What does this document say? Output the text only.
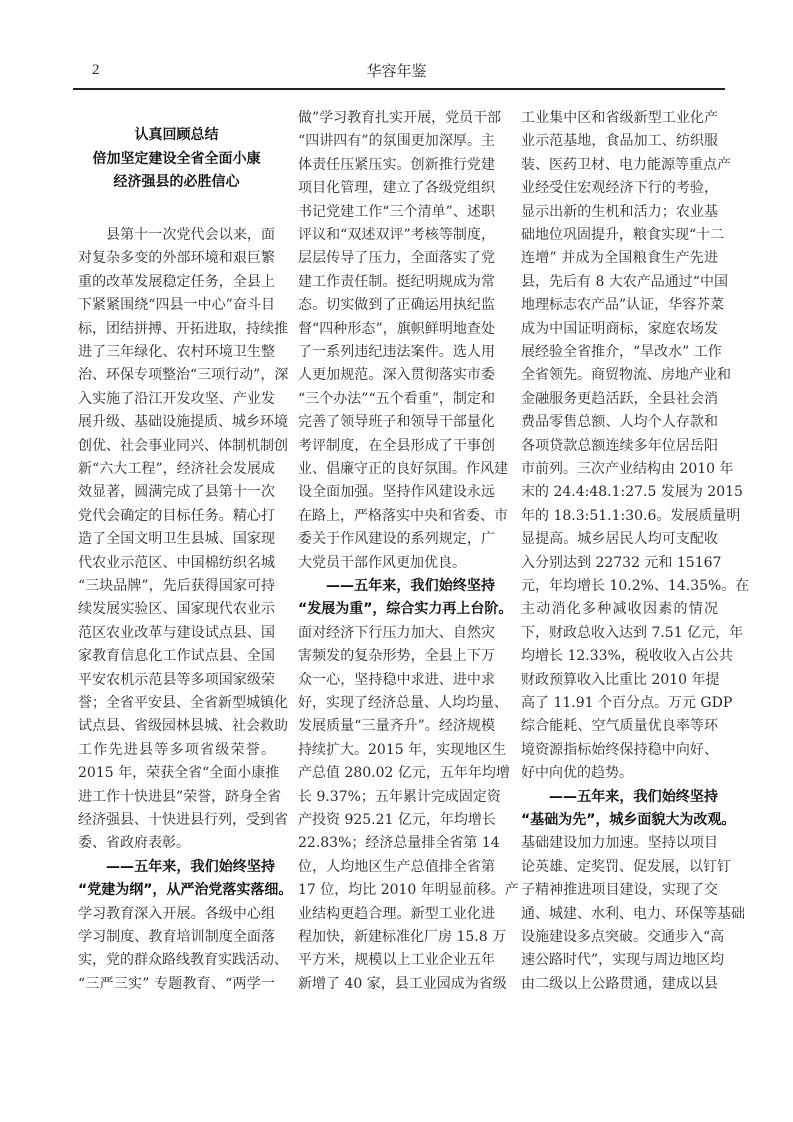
2	华容年鉴
认真回顾总结
倍加坚定建设全省全面小康
经济强县的必胜信心
县第十一次党代会以来，面
对复杂多变的外部环境和艰巨繁
重的改革发展稳定任务，全县上
下紧紧围绕“四县一中心”奋斗目
标，团结拼搏、开拓进取，持续推
进了三年绿化、农村环境卫生整
治、环保专项整治“三项行动”，深
入实施了沿江开发攻坚、产业发
展升级、基础设施提质、城乡环境
创优、社会事业同兴、体制机制创
新“六大工程”，经济社会发展成
效显著，圆满完成了县第十一次
党代会确定的目标任务。精心打
造了全国文明卫生县城、国家现
代农业示范区、中国棉纺织名城
“三块品牌”，先后获得国家可持
续发展实验区、国家现代农业示
范区农业改革与建设试点县、国
家教育信息化工作试点县、全国
平安农机示范县等多项国家级荣
誉；全省平安县、全省新型城镇化
试点县、省级园林县城、社会救助
工作先进县等多项省级荣誉。
2015 年，荣获全省“全面小康推
进工作十快进县”荣誉，跻身全省
经济强县、十快进县行列，受到省
委、省政府表彰。
——五年来，我们始终坚持
“党建为纲”，从严治党落实落细。
学习教育深入开展。各级中心组
学习制度、教育培训制度全面落
实，党的群众路线教育实践活动、
“三严三实” 专题教育、“两学一
做”学习教育扎实开展，党员干部
“四讲四有”的氛围更加深厚。主
体责任压紧压实。创新推行党建
项目化管理，建立了各级党组织
书记党建工作“三个清单”、述职
评议和“双述双评”考核等制度，
层层传导了压力，全面落实了党
建工作责任制。挺纪明规成为常
态。切实做到了正确运用执纪监
督“四种形态”，旗帜鲜明地查处
了一系列违纪违法案件。选人用
人更加规范。深入贯彻落实市委
“三个办法”“五个看重”，制定和
完善了领导班子和领导干部量化
考评制度，在全县形成了干事创
业、倡廉守正的良好氛围。作风建
设全面加强。坚持作风建设永远
在路上，严格落实中央和省委、市
委关于作风建设的系列规定，广
大党员干部作风更加优良。
——五年来，我们始终坚持
“发展为重”，综合实力再上台阶。
面对经济下行压力加大、自然灾
害频发的复杂形势，全县上下万
众一心，坚持稳中求进、进中求
好，实现了经济总量、人均均量、
发展质量“三量齐升”。经济规模
持续扩大。2015 年，实现地区生
产总值 280.02 亿元，五年年均增
长 9.37%；五年累计完成固定资
产投资 925.21 亿元，年均增长
22.83%；经济总量排全省第 14
位，人均地区生产总值排全省第
17 位，均比 2010 年明显前移。产
业结构更趋合理。新型工业化进
程加快，新建标准化厂房 15.8 万
平方米，规模以上工业企业五年
新增了 40 家，县工业园成为省级
工业集中区和省级新型工业化产
业示范基地，食品加工、纺织服
装、医药卫材、电力能源等重点产
业经受住宏观经济下行的考验，
显示出新的生机和活力；农业基
础地位巩固提升，粮食实现“十二
连增” 并成为全国粮食生产先进
县，先后有 8 大农产品通过“中国
地理标志农产品”认证，华容芥菜
成为中国证明商标，家庭农场发
展经验全省推介，“旱改水” 工作
全省领先。商贸物流、房地产业和
金融服务更趋活跃，全县社会消
费品零售总额、人均个人存款和
各项贷款总额连续多年位居岳阳
市前列。三次产业结构由 2010 年
末的 24.4:48.1:27.5 发展为 2015
年的 18.3:51.1:30.6。发展质量明
显提高。城乡居民人均可支配收
入分别达到 22732 元和 15167
元，年均增长 10.2%、14.35%。在
主动消化多种减收因素的情况
下，财政总收入达到 7.51 亿元，年
均增长 12.33%，税收收入占公共
财政预算收入比重比 2010 年提
高了 11.91 个百分点。万元 GDP
综合能耗、空气质量优良率等环
境资源指标始终保持稳中向好、
好中向优的趋势。
——五年来，我们始终坚持
“基础为先”，城乡面貌大为改观。
基础建设加力加速。坚持以项目
论英雄、定奖罚、促发展，以钉钉
子精神推进项目建设，实现了交
通、城建、水利、电力、环保等基础
设施建设多点突破。交通步入“高
速公路时代”，实现与周边地区均
由二级以上公路贯通，建成以县
